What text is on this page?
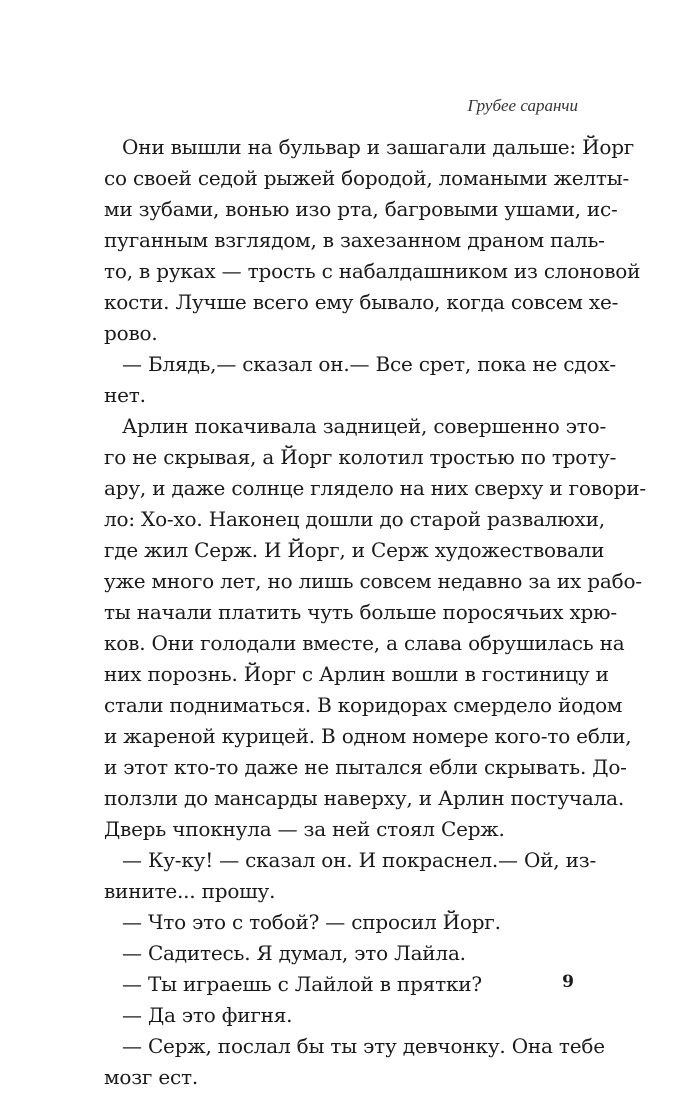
Грубее саранчи
Они вышли на бульвар и зашагали дальше: Йорг
со своей седой рыжей бородой, ломаными желты-
ми зубами, вонью изо рта, багровыми ушами, ис-
пуганным взглядом, в захезанном драном паль-
то, в руках — трость с набалдашником из слоновой
кости. Лучше всего ему бывало, когда совсем хе-
рово.
— Блядь,— сказал он.— Все срет, пока не сдох-
нет.
Арлин покачивала задницей, совершенно это-
го не скрывая, а Йорг колотил тростью по троту-
ару, и даже солнце глядело на них сверху и говори-
ло: Хо-хо. Наконец дошли до старой развалюхи,
где жил Серж. И Йорг, и Серж художествовали
уже много лет, но лишь совсем недавно за их рабо-
ты начали платить чуть больше поросячьих хрю-
ков. Они голодали вместе, а слава обрушилась на
них порознь. Йорг с Арлин вошли в гостиницу и
стали подниматься. В коридорах смердело йодом
и жареной курицей. В одном номере кого-то ебли,
и этот кто-то даже не пытался ебли скрывать. До-
ползли до мансарды наверху, и Арлин постучала.
Дверь чпокнула — за ней стоял Серж.
— Ку-ку! — сказал он. И покраснел.— Ой, из-
вините... прошу.
— Что это с тобой? — спросил Йорг.
— Садитесь. Я думал, это Лайла.
— Ты играешь с Лайлой в прятки?
— Да это фигня.
— Серж, послал бы ты эту девчонку. Она тебе
мозг ест.
9
